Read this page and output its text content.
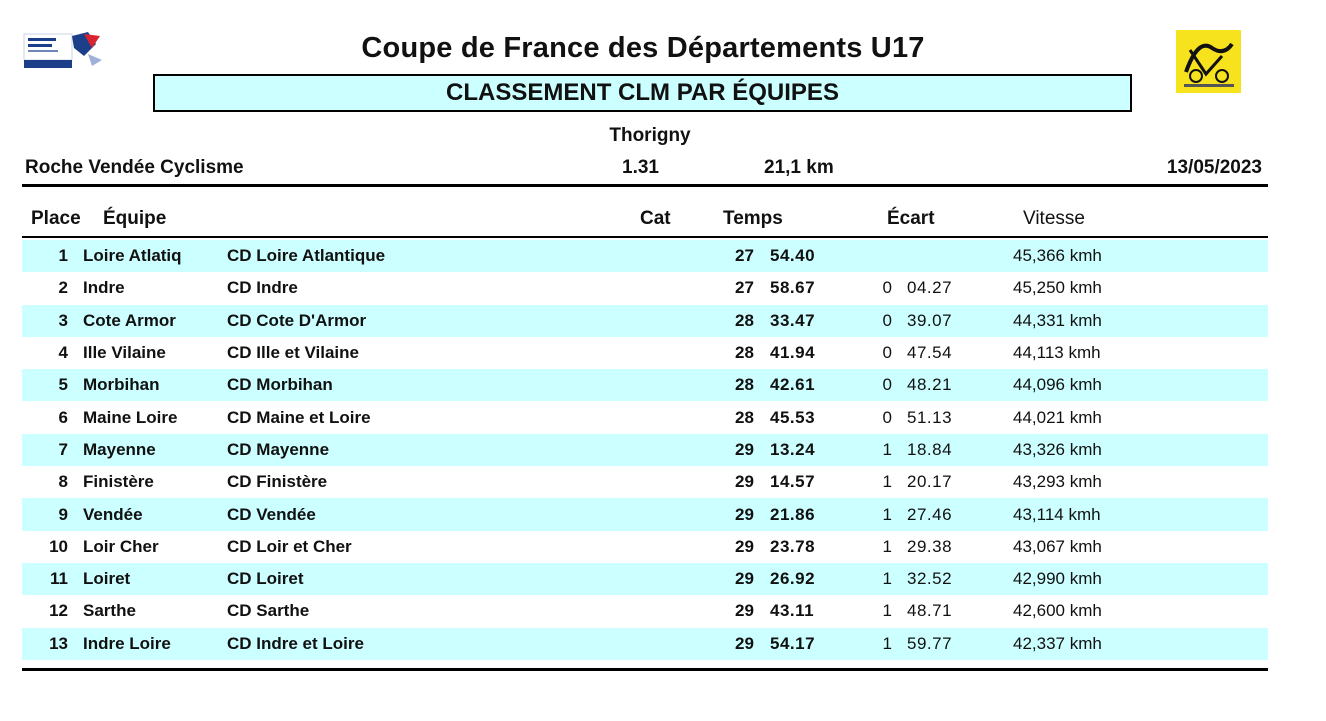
Coupe de France des Départements U17
CLASSEMENT CLM PAR ÉQUIPES
Thorigny
Roche Vendée Cyclisme	1.31	21,1 km	13/05/2023
Place Équipe	Cat	Temps	Écart	Vitesse
1 Loire Atlatiq	CD Loire Atlantique	27 54.40	45,366 kmh
2 Indre	CD Indre	27 58.67	0 04.27	45,250 kmh
3 Cote Armor	CD Cote D'Armor	28 33.47	0 39.07	44,331 kmh
4 Ille Vilaine	CD Ille et Vilaine	28 41.94	0 47.54	44,113 kmh
5 Morbihan	CD Morbihan	28 42.61	0 48.21	44,096 kmh
6 Maine Loire	CD Maine et Loire	28 45.53	0 51.13	44,021 kmh
7 Mayenne	CD Mayenne	29 13.24	1 18.84	43,326 kmh
8 Finistère	CD Finistère	29 14.57	1 20.17	43,293 kmh
9 Vendée	CD Vendée	29 21.86	1 27.46	43,114 kmh
10 Loir Cher	CD Loir et Cher	29 23.78	1 29.38	43,067 kmh
11 Loiret	CD Loiret	29 26.92	1 32.52	42,990 kmh
12 Sarthe	CD Sarthe	29 43.11	1 48.71	42,600 kmh
13 Indre Loire	CD Indre et Loire	29 54.17	1 59.77	42,337 kmh
